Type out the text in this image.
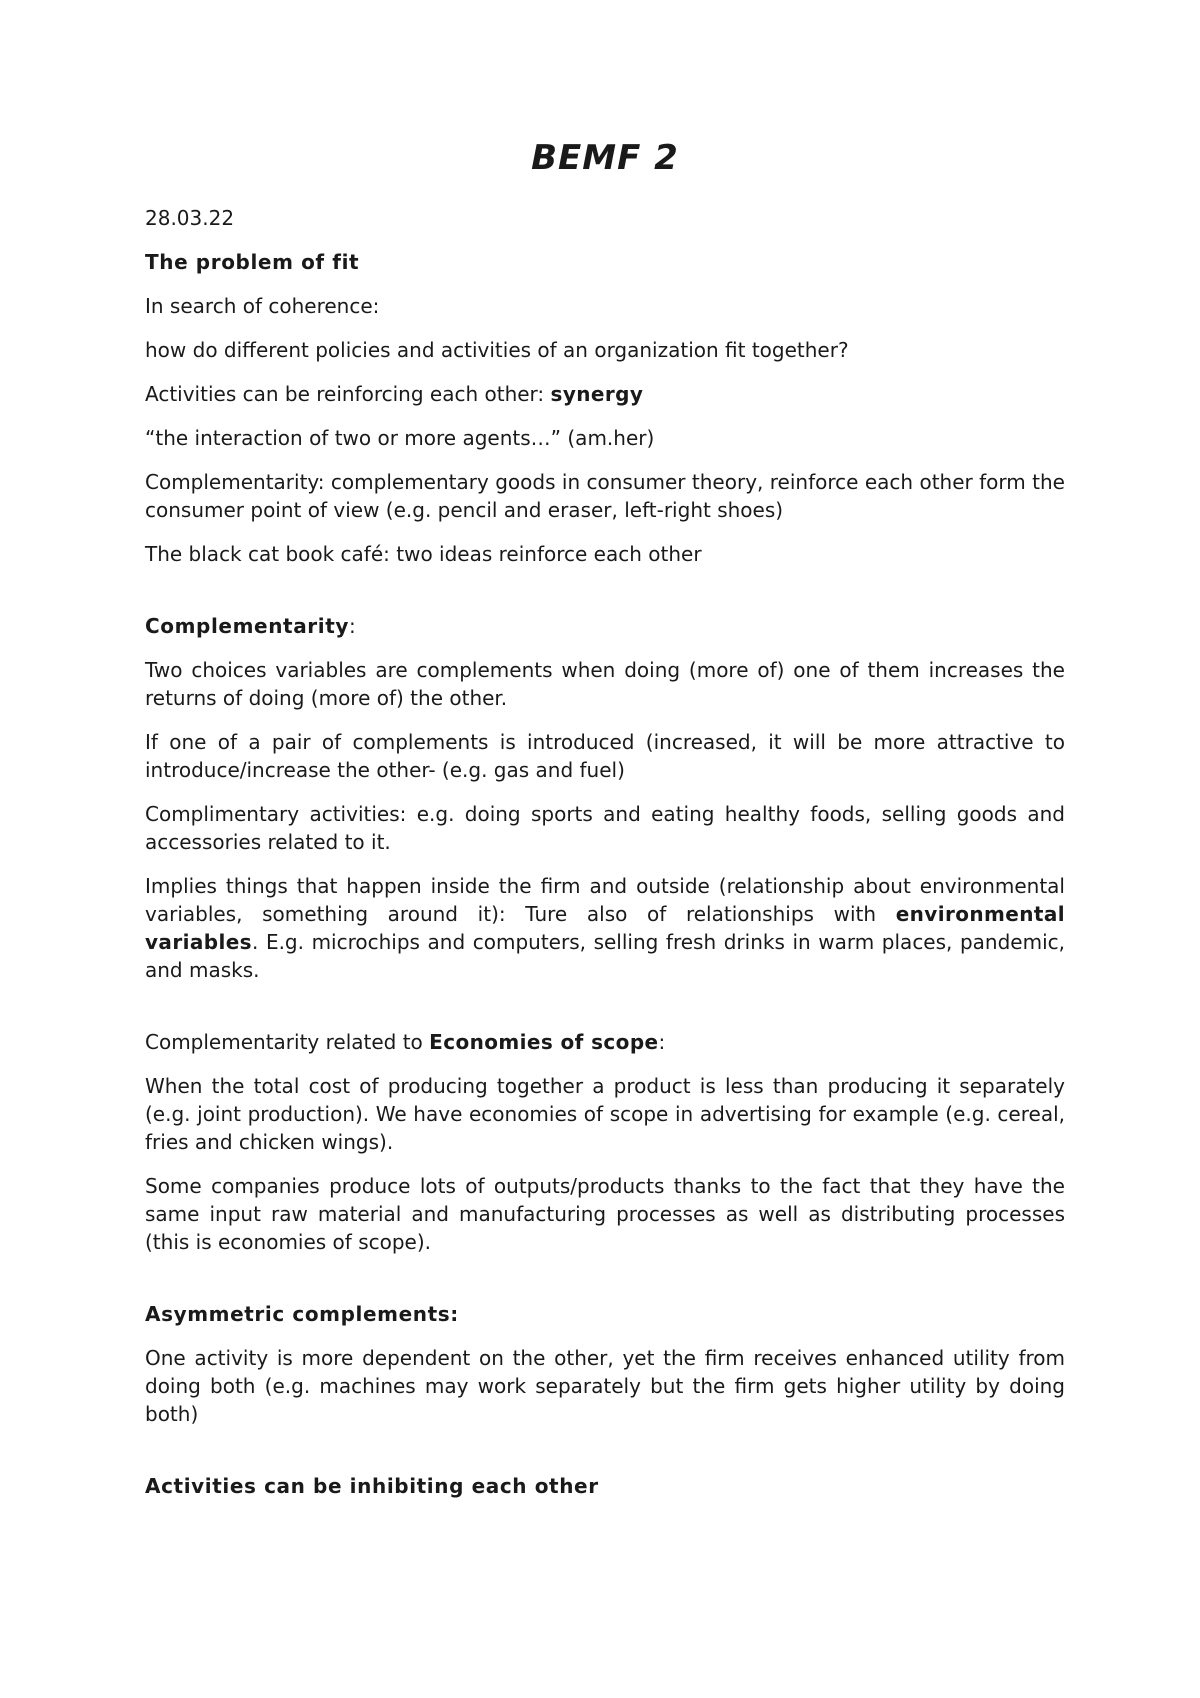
BEMF 2

28.03.22

The problem of fit

In search of coherence:

how do different policies and activities of an organization fit together?

Activities can be reinforcing each other: synergy

“the interaction of two or more agents…” (am.her)

Complementarity: complementary goods in consumer theory, reinforce each other form the consumer point of view (e.g. pencil and eraser, left-right shoes)

The black cat book café: two ideas reinforce each other

Complementarity:

Two choices variables are complements when doing (more of) one of them increases the returns of doing (more of) the other.

If one of a pair of complements is introduced (increased, it will be more attractive to introduce/increase the other- (e.g. gas and fuel)

Complimentary activities: e.g. doing sports and eating healthy foods, selling goods and accessories related to it.

Implies things that happen inside the firm and outside (relationship about environmental variables, something around it): Ture also of relationships with environmental variables. E.g. microchips and computers, selling fresh drinks in warm places, pandemic, and masks.

Complementarity related to Economies of scope:

When the total cost of producing together a product is less than producing it separately (e.g. joint production). We have economies of scope in advertising for example (e.g. cereal, fries and chicken wings).

Some companies produce lots of outputs/products thanks to the fact that they have the same input raw material and manufacturing processes as well as distributing processes (this is economies of scope).

Asymmetric complements:

One activity is more dependent on the other, yet the firm receives enhanced utility from doing both (e.g. machines may work separately but the firm gets higher utility by doing both)

Activities can be inhibiting each other
